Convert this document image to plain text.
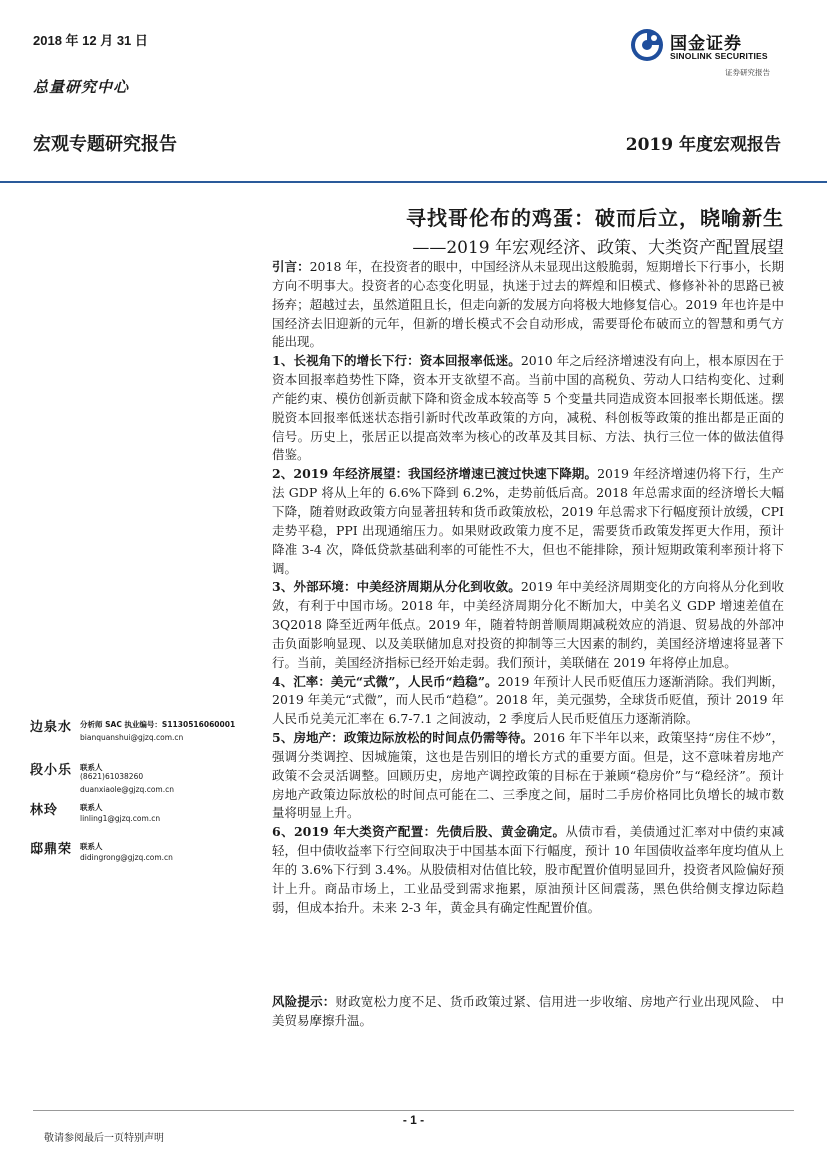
2018 年 12 月 31 日
总量研究中心
宏观专题研究报告	2019 年度宏观报告
国金证券
SINOLINK SECURITIES
证券研究报告
寻找哥伦布的鸡蛋：破而后立，晓喻新生
——2019 年宏观经济、政策、大类资产配置展望

引言：2018 年，在投资者的眼中，中国经济从未显现出这般脆弱，短期增长下行事小，长期方向不明事大。投资者的心态变化明显，执迷于过去的辉煌和旧模式、修修补补的思路已被扬弃；超越过去，虽然道阻且长，但走向新的发展方向将极大地修复信心。2019 年也许是中国经济去旧迎新的元年，但新的增长模式不会自动形成，需要哥伦布破而立的智慧和勇气方能出现。

1、长视角下的增长下行：资本回报率低迷。2010 年之后经济增速没有向上，根本原因在于资本回报率趋势性下降，资本开支欲望不高。当前中国的高税负、劳动人口结构变化、过剩产能约束、模仿创新贡献下降和资金成本较高等 5 个变量共同造成资本回报率长期低迷。摆脱资本回报率低迷状态指引新时代改革政策的方向，减税、科创板等政策的推出都是正面的信号。历史上，张居正以提高效率为核心的改革及其目标、方法、执行三位一体的做法值得借鉴。

2、2019 年经济展望：我国经济增速已渡过快速下降期。2019 年经济增速仍将下行，生产法 GDP 将从上年的 6.6%下降到 6.2%，走势前低后高。2018 年总需求面的经济增长大幅下降，随着财政政策方向显著扭转和货币政策放松，2019 年总需求下行幅度预计放缓，CPI 走势平稳，PPI 出现通缩压力。如果财政政策力度不足，需要货币政策发挥更大作用，预计降准 3-4 次，降低贷款基础利率的可能性不大，但也不能排除，预计短期政策利率预计将下调。

3、外部环境：中美经济周期从分化到收敛。2019 年中美经济周期变化的方向将从分化到收敛，有利于中国市场。2018 年，中美经济周期分化不断加大，中美名义 GDP 增速差值在 3Q2018 降至近两年低点。2019 年，随着特朗普顺周期减税效应的消退、贸易战的外部冲击负面影响显现、以及美联储加息对投资的抑制等三大因素的制约，美国经济增速将显著下行。当前，美国经济指标已经开始走弱。我们预计，美联储在 2019 年将停止加息。

4、汇率：美元“式微”，人民币“趋稳”。2019 年预计人民币贬值压力逐渐消除。我们判断，2019 年美元“式微”，而人民币“趋稳”。2018 年，美元强势，全球货币贬值，预计 2019 年人民币兑美元汇率在 6.7-7.1 之间波动，2 季度后人民币贬值压力逐渐消除。

5、房地产：政策边际放松的时间点仍需等待。2016 年下半年以来，政策坚持“房住不炒”，强调分类调控、因城施策，这也是告别旧的增长方式的重要方面。但是，这不意味着房地产政策不会灵活调整。回顾历史，房地产调控政策的目标在于兼顾“稳房价”与“稳经济”。预计房地产政策边际放松的时间点可能在二、三季度之间，届时二手房价格同比负增长的城市数量将明显上升。

6、2019 年大类资产配置：先债后股、黄金确定。从债市看，美债通过汇率对中债约束减轻，但中债收益率下行空间取决于中国基本面下行幅度，预计 10 年国债收益率年度均值从上年的 3.6%下行到 3.4%。从股债相对估值比较，股市配置价值明显回升，投资者风险偏好预计上升。商品市场上，工业品受到需求拖累，原油预计区间震荡，黑色供给侧支撑边际趋弱，但成本抬升。未来 2-3 年，黄金具有确定性配置价值。

风险提示：财政宽松力度不足、货币政策过紧、信用进一步收缩、房地产行业出现风险、 中美贸易摩擦升温。
边泉水 分析师 SAC 执业编号：S1130516060001
bianquanshui@gjzq.com.cn
段小乐 联系人
(8621)61038260
duanxiaole@gjzq.com.cn
林玲	联系人
linling1@gjzq.com.cn
邸鼎荣 联系人
didingrong@gjzq.com.cn
- 1 -
敬请参阅最后一页特别声明
